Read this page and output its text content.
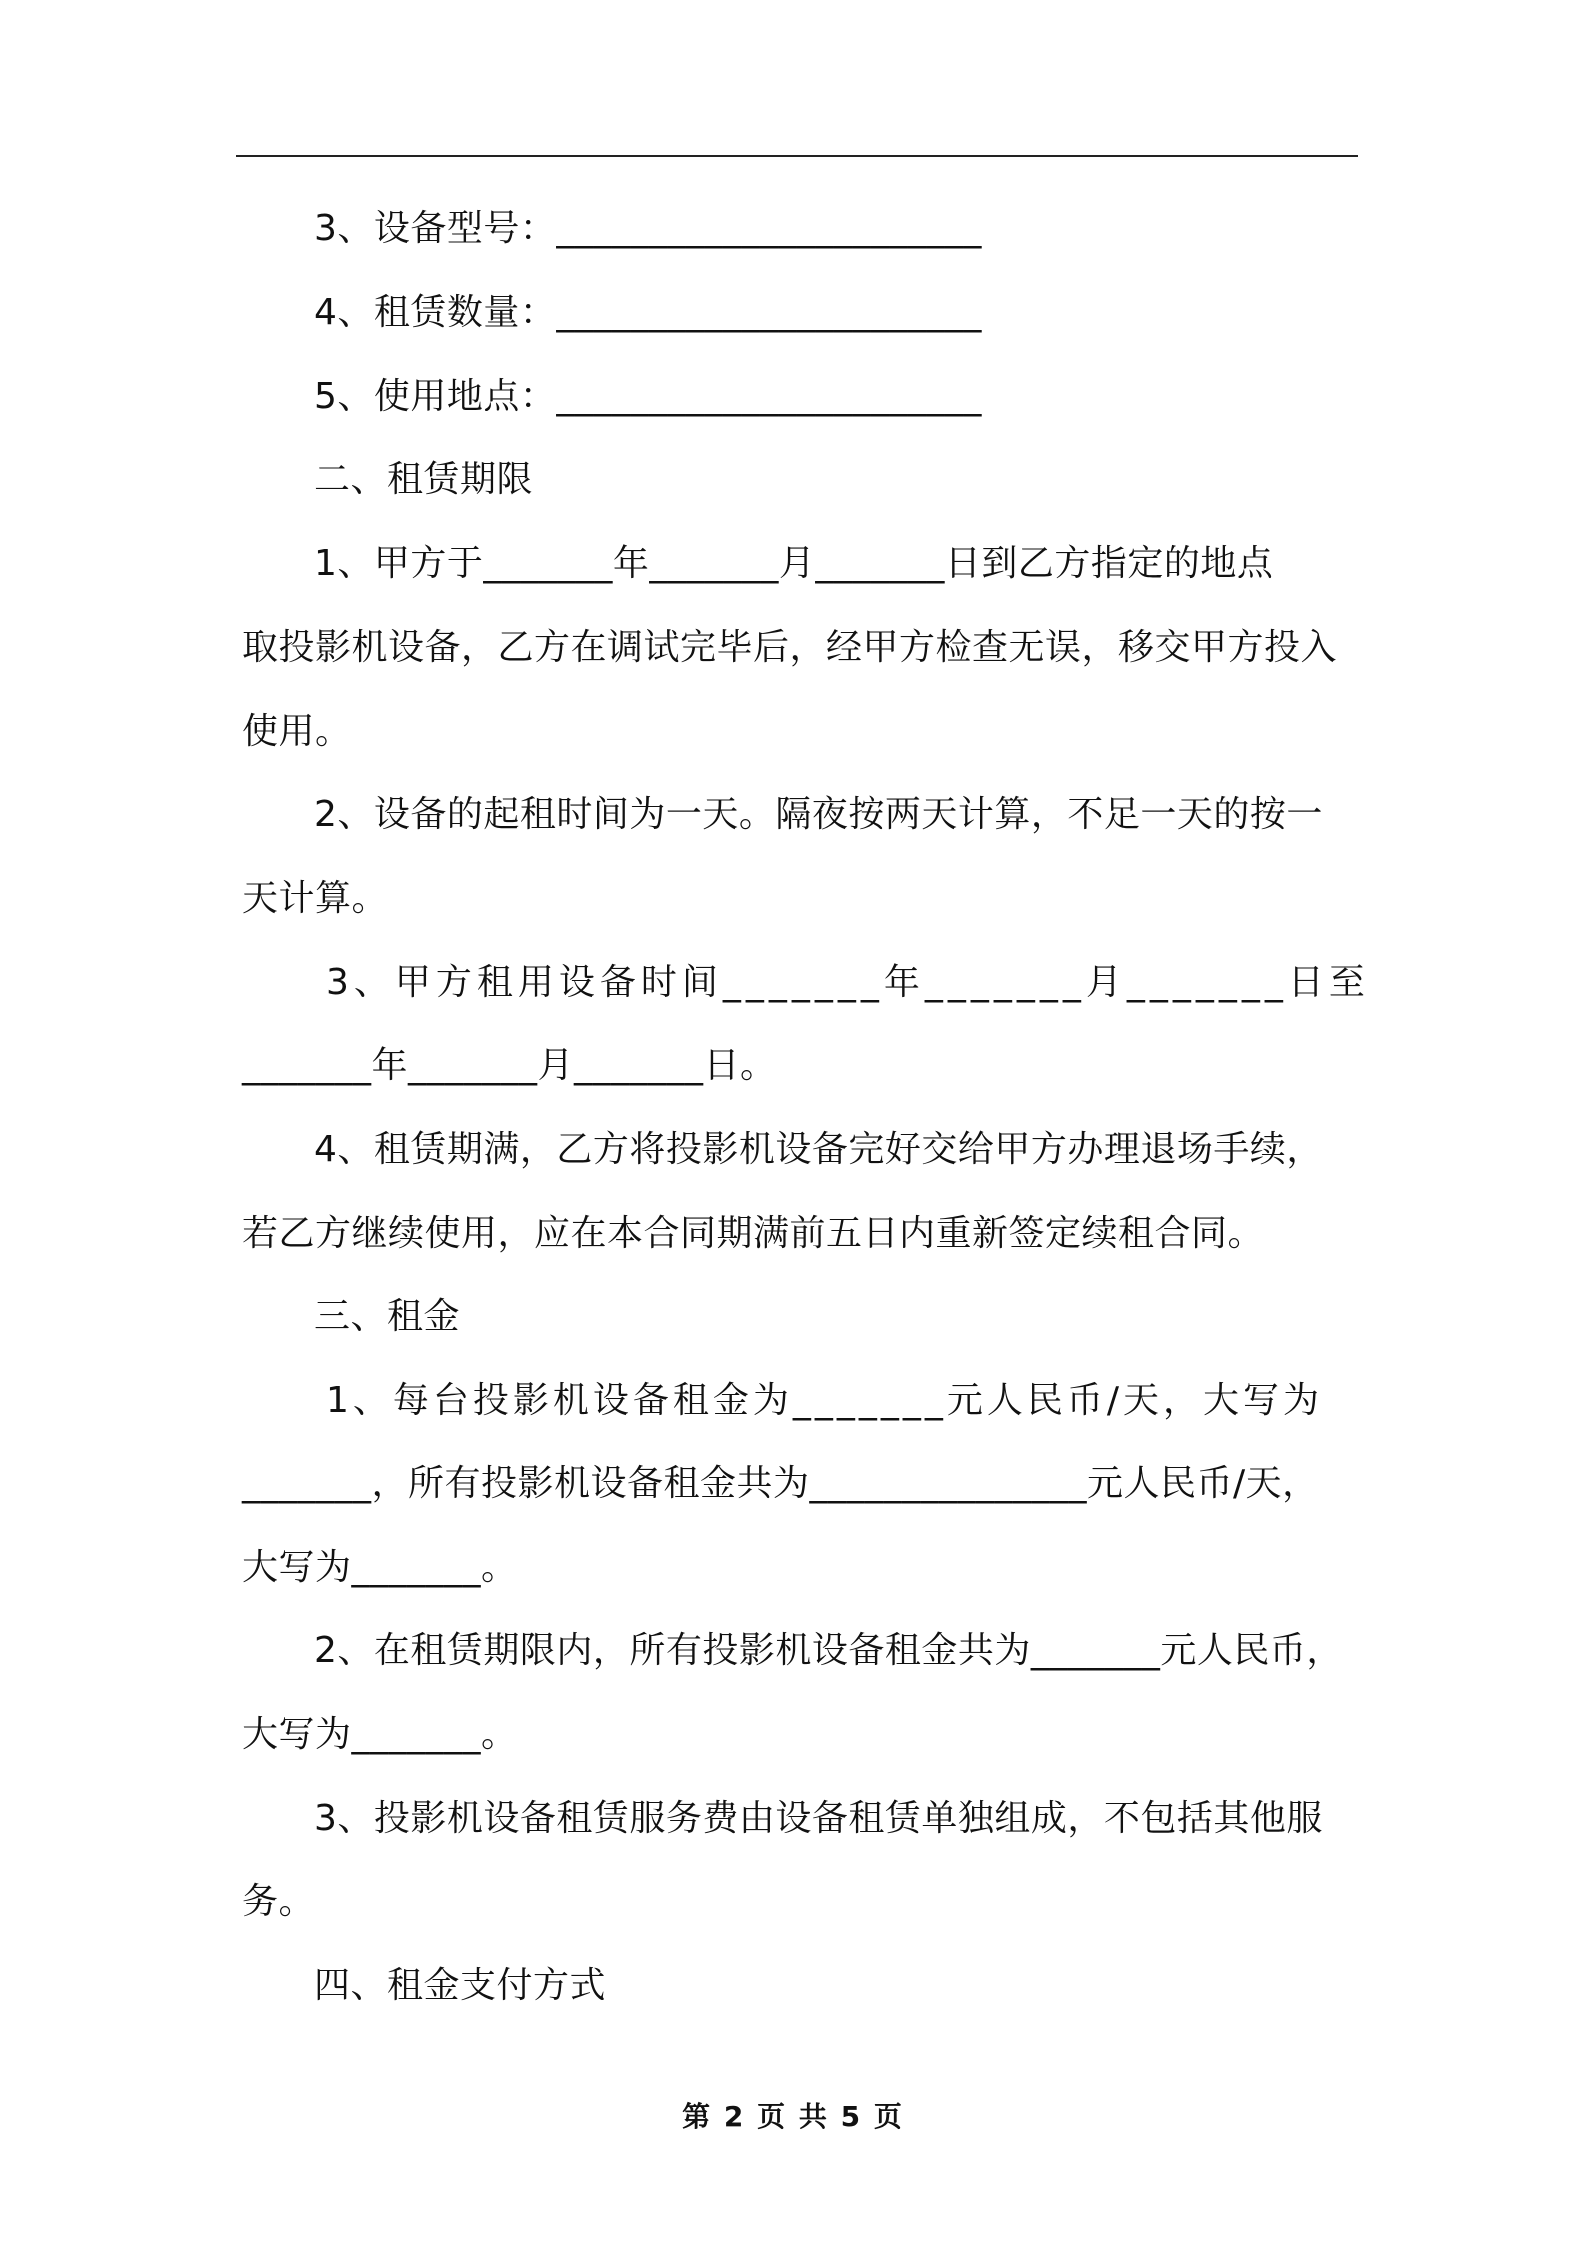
3、设备型号：_______________________
4、租赁数量：_______________________
5、使用地点：_______________________
二、租赁期限
1、甲方于_______年_______月_______日到乙方指定的地点
取投影机设备，乙方在调试完毕后，经甲方检查无误，移交甲方投入
使用。
2、设备的起租时间为一天。隔夜按两天计算，不足一天的按一
天计算。
3、甲方租用设备时间_______年_______月_______日至
_______年_______月_______日。
4、租赁期满，乙方将投影机设备完好交给甲方办理退场手续，
若乙方继续使用，应在本合同期满前五日内重新签定续租合同。
三、租金
1、每台投影机设备租金为_______元人民币/天，大写为
_______，所有投影机设备租金共为_______________元人民币/天，
大写为_______。
2、在租赁期限内，所有投影机设备租金共为_______元人民币，
大写为_______。
3、投影机设备租赁服务费由设备租赁单独组成，不包括其他服
务。
四、租金支付方式
第 2 页 共 5 页
